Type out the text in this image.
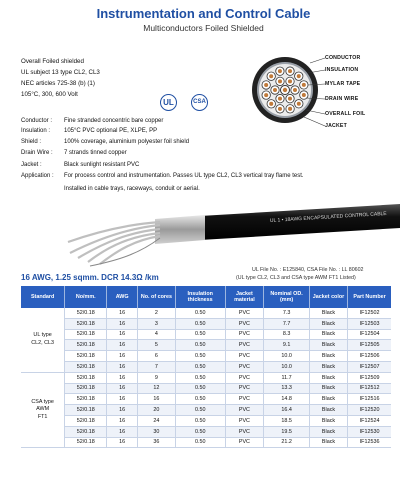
Instrumentation and Control Cable
Multiconductors Foiled Shielded
Overall Foiled shielded
UL subject 13 type CL2, CL3
NEC articles 725-38 (b) (1)
105°C, 300, 600 Volt
UL	CSA
CONDUCTOR
INSULATION
MYLAR TAPE
DRAIN WIRE
OVERALL FOIL
JACKET
Conductor : Fine stranded concentric bare copper
Insulation : 105°C PVC optional PE, XLPE, PP
Shield :	100% coverage, aluminium polyester foil shield
Drain Wire : 7 strands tinned copper
Jacket :	Black sunlight resistant PVC
Application : For process control and instrumentation. Passes UL type CL2, CL3 vertical tray flame test.
Installed in cable trays, raceways, conduit or aerial.
UL 1 • 18AWG ENCAPSULATED CONTROL CABLE
16 AWG, 1.25 sqmm. DCR 14.3Ω /km
UL File No. : E125840, CSA File No. : LL 80602
(UL type CL2, CL3 and CSA type AWM FT1 Listed)
Standard	No/mm.	AWG	No. of cores	Insulation thickness	Jacket material	Nominal OD.(mm)	Jacket color	Part Number

UL type
CL2, CL3	52/0.18	16	2	0.50	PVC	7.3	Black	IF12502
	52/0.18	16	3	0.50	PVC	7.7	Black	IF12503
	52/0.18	16	4	0.50	PVC	8.3	Black	IF12504
	52/0.18	16	5	0.50	PVC	9.1	Black	IF12505
	52/0.18	16	6	0.50	PVC	10.0	Black	IF12506
	52/0.18	16	7	0.50	PVC	10.0	Black	IF12507

CSA type
AWM
FT1	52/0.18	16	9	0.50	PVC	11.7	Black	IF12509
	52/0.18	16	12	0.50	PVC	13.3	Black	IF12512
	52/0.18	16	16	0.50	PVC	14.8	Black	IF12516
	52/0.18	16	20	0.50	PVC	16.4	Black	IF12520
	52/0.18	16	24	0.50	PVC	18.5	Black	IF12524
	52/0.18	16	30	0.50	PVC	19.5	Black	IF12530
	52/0.18	16	36	0.50	PVC	21.2	Black	IF12536
